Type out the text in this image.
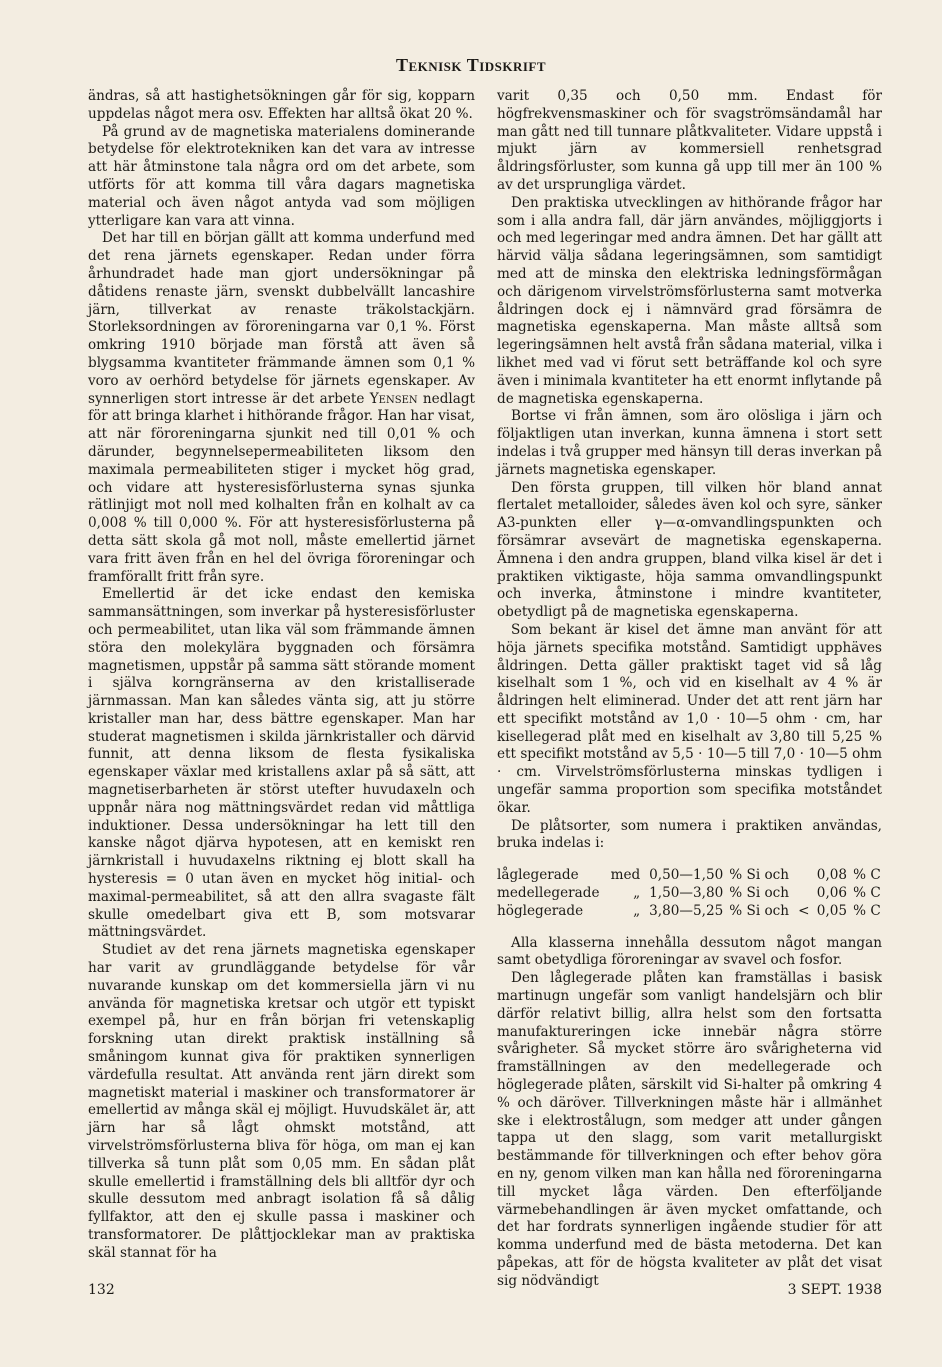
Teknisk Tidskrift

ändras, så att hastighetsökningen går för sig, kopparn uppdelas något mera osv. Effekten har alltså ökat 20 %.

På grund av de magnetiska materialens dominerande betydelse för elektrotekniken kan det vara av intresse att här åtminstone tala några ord om det arbete, som utförts för att komma till våra dagars magnetiska material och även något antyda vad som möjligen ytterligare kan vara att vinna.

Det har till en början gällt att komma underfund med det rena järnets egenskaper. Redan under förra århundradet hade man gjort undersökningar på dåtidens renaste järn, svenskt dubbelvällt lancashire järn, tillverkat av renaste träkolstackjärn. Storleksordningen av föroreningarna var 0,1 %. Först omkring 1910 började man förstå att även så blygsamma kvantiteter främmande ämnen som 0,1 % voro av oerhörd betydelse för järnets egenskaper. Av synnerligen stort intresse är det arbete Yensen nedlagt för att bringa klarhet i hithörande frågor. Han har visat, att när föroreningarna sjunkit ned till 0,01 % och därunder, begynnelsepermeabiliteten liksom den maximala permeabiliteten stiger i mycket hög grad, och vidare att hysteresisförlusterna synas sjunka rätlinjigt mot noll med kolhalten från en kolhalt av ca 0,008 % till 0,000 %. För att hysteresisförlusterna på detta sätt skola gå mot noll, måste emellertid järnet vara fritt även från en hel del övriga föroreningar och framförallt fritt från syre.

Emellertid är det icke endast den kemiska sammansättningen, som inverkar på hysteresisförluster och permeabilitet, utan lika väl som främmande ämnen störa den molekylära byggnaden och försämra magnetismen, uppstår på samma sätt störande moment i själva korngränserna av den kristalliserade järnmassan. Man kan således vänta sig, att ju större kristaller man har, dess bättre egenskaper. Man har studerat magnetismen i skilda järnkristaller och därvid funnit, att denna liksom de flesta fysikaliska egenskaper växlar med kristallens axlar på så sätt, att magnetiserbarheten är störst utefter huvudaxeln och uppnår nära nog mättningsvärdet redan vid måttliga induktioner. Dessa undersökningar ha lett till den kanske något djärva hypotesen, att en kemiskt ren järnkristall i huvudaxelns riktning ej blott skall ha hysteresis = 0 utan även en mycket hög initial- och maximal-permeabilitet, så att den allra svagaste fält skulle omedelbart giva ett B, som motsvarar mättningsvärdet.

Studiet av det rena järnets magnetiska egenskaper har varit av grundläggande betydelse för vår nuvarande kunskap om det kommersiella järn vi nu använda för magnetiska kretsar och utgör ett typiskt exempel på, hur en från början fri vetenskaplig forskning utan direkt praktisk inställning så småningom kunnat giva för praktiken synnerligen värdefulla resultat. Att använda rent järn direkt som magnetiskt material i maskiner och transformatorer är emellertid av många skäl ej möjligt. Huvudskälet är, att järn har så lågt ohmskt motstånd, att virvelströmsförlusterna bliva för höga, om man ej kan tillverka så tunn plåt som 0,05 mm. En sådan plåt skulle emellertid i framställning dels bli alltför dyr och skulle dessutom med anbragt isolation få så dålig fyllfaktor, att den ej skulle passa i maskiner och transformatorer. De plåttjocklekar man av praktiska skäl stannat för ha

varit 0,35 och 0,50 mm. Endast för högfrekvensmaskiner och för svagströmsändamål har man gått ned till tunnare plåtkvaliteter. Vidare uppstå i mjukt järn av kommersiell renhetsgrad åldringsförluster, som kunna gå upp till mer än 100 % av det ursprungliga värdet.

Den praktiska utvecklingen av hithörande frågor har som i alla andra fall, där järn användes, möjliggjorts i och med legeringar med andra ämnen. Det har gällt att härvid välja sådana legeringsämnen, som samtidigt med att de minska den elektriska ledningsförmågan och därigenom virvelströmsförlusterna samt motverka åldringen dock ej i nämnvärd grad försämra de magnetiska egenskaperna. Man måste alltså som legeringsämnen helt avstå från sådana material, vilka i likhet med vad vi förut sett beträffande kol och syre även i minimala kvantiteter ha ett enormt inflytande på de magnetiska egenskaperna.

Bortse vi från ämnen, som äro olösliga i järn och följaktligen utan inverkan, kunna ämnena i stort sett indelas i två grupper med hänsyn till deras inverkan på järnets magnetiska egenskaper.

Den första gruppen, till vilken hör bland annat flertalet metalloider, således även kol och syre, sänker A3-punkten eller γ—α-omvandlingspunkten och försämrar avsevärt de magnetiska egenskaperna. Ämnena i den andra gruppen, bland vilka kisel är det i praktiken viktigaste, höja samma omvandlingspunkt och inverka, åtminstone i mindre kvantiteter, obetydligt på de magnetiska egenskaperna.

Som bekant är kisel det ämne man använt för att höja järnets specifika motstånd. Samtidigt upphäves åldringen. Detta gäller praktiskt taget vid så låg kiselhalt som 1 %, och vid en kiselhalt av 4 % är åldringen helt eliminerad. Under det att rent järn har ett specifikt motstånd av 1,0 · 10—5 ohm · cm, har kisellegerad plåt med en kiselhalt av 3,80 till 5,25 % ett specifikt motstånd av 5,5 · 10—5 till 7,0 · 10—5 ohm · cm. Virvelströmsförlusterna minskas tydligen i ungefär samma proportion som specifika motståndet ökar.

De plåtsorter, som numera i praktiken användas, bruka indelas i:

låglegerade	med	0,50—1,50	% Si och		0,08	% C
medellegerade	„	1,50—3,80	% Si och		0,06	% C
höglegerade	„	3,80—5,25	% Si och	<	0,05	% C

Alla klasserna innehålla dessutom något mangan samt obetydliga föroreningar av svavel och fosfor.

Den låglegerade plåten kan framställas i basisk martinugn ungefär som vanligt handelsjärn och blir därför relativt billig, allra helst som den fortsatta manufaktureringen icke innebär några större svårigheter. Så mycket större äro svårigheterna vid framställningen av den medellegerade och höglegerade plåten, särskilt vid Si-halter på omkring 4 % och däröver. Tillverkningen måste här i allmänhet ske i elektrostålugn, som medger att under gången tappa ut den slagg, som varit metallurgiskt bestämmande för tillverkningen och efter behov göra en ny, genom vilken man kan hålla ned föroreningarna till mycket låga värden. Den efterföljande värmebehandlingen är även mycket omfattande, och det har fordrats synnerligen ingående studier för att komma underfund med de bästa metoderna. Det kan påpekas, att för de högsta kvaliteter av plåt det visat sig nödvändigt

132	3 SEPT. 1938
